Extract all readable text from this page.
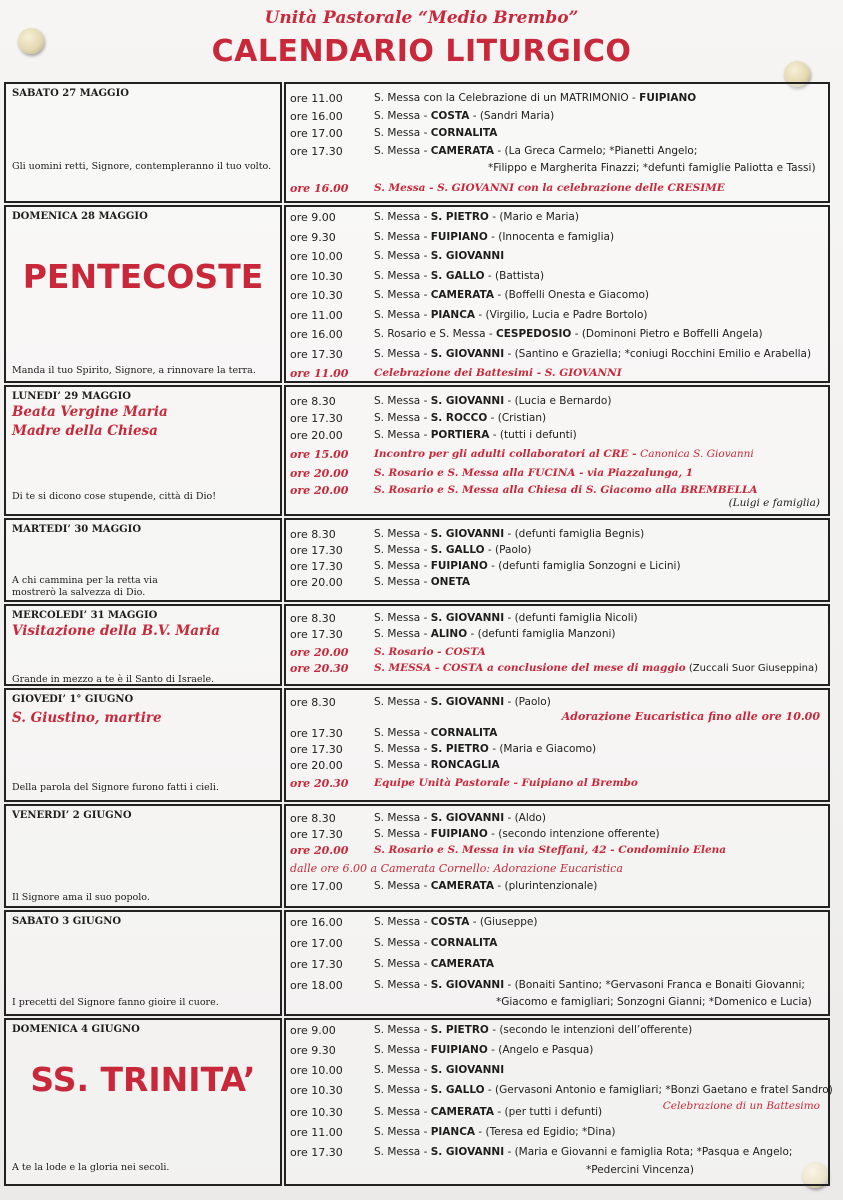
Unità Pastorale “Medio Brembo”
CALENDARIO LITURGICO
SABATO 27 MAGGIO
Gli uomini retti, Signore, contempleranno il tuo volto.
ore 11.00	S. Messa con la Celebrazione di un MATRIMONIO - FUIPIANO
ore 16.00	S. Messa - COSTA - (Sandri Maria)
ore 17.00	S. Messa - CORNALITA
ore 17.30	S. Messa - CAMERATA - (La Greca Carmelo; *Pianetti Angelo;
*Filippo e Margherita Finazzi; *defunti famiglie Paliotta e Tassi)
ore 16.00 S. Messa - S. GIOVANNI con la celebrazione delle CRESIME
DOMENICA 28 MAGGIO
PENTECOSTE
Manda il tuo Spirito, Signore, a rinnovare la terra.
ore 9.00	S. Messa - S. PIETRO - (Mario e Maria)
ore 9.30	S. Messa - FUIPIANO - (Innocenta e famiglia)
ore 10.00	S. Messa - S. GIOVANNI
ore 10.30	S. Messa - S. GALLO - (Battista)
ore 10.30	S. Messa - CAMERATA - (Boffelli Onesta e Giacomo)
ore 11.00	S. Messa - PIANCA - (Virgilio, Lucia e Padre Bortolo)
ore 16.00	S. Rosario e S. Messa - CESPEDOSIO - (Dominoni Pietro e Boffelli Angela)
ore 17.30	S. Messa - S. GIOVANNI - (Santino e Graziella; *coniugi Rocchini Emilio e Arabella)
ore 11.00 Celebrazione dei Battesimi - S. GIOVANNI
LUNEDI’ 29 MAGGIO
Beata Vergine Maria
Madre della Chiesa
Di te si dicono cose stupende, città di Dio!
ore 8.30	S. Messa - S. GIOVANNI - (Lucia e Bernardo)
ore 17.30	S. Messa - S. ROCCO - (Cristian)
ore 20.00	S. Messa - PORTIERA - (tutti i defunti)
ore 15.00 Incontro per gli adulti collaboratori al CRE - Canonica S. Giovanni
ore 20.00 S. Rosario e S. Messa alla FUCINA - via Piazzalunga, 1
ore 20.00 S. Rosario e S. Messa alla Chiesa di S. Giacomo alla BREMBELLA
(Luigi e famiglia)
MARTEDI’ 30 MAGGIO
A chi cammina per la retta via
mostrerò la salvezza di Dio.
ore 8.30	S. Messa - S. GIOVANNI - (defunti famiglia Begnis)
ore 17.30	S. Messa - S. GALLO - (Paolo)
ore 17.30	S. Messa - FUIPIANO - (defunti famiglia Sonzogni e Licini)
ore 20.00	S. Messa - ONETA
MERCOLEDI’ 31 MAGGIO
Visitazione della B.V. Maria
Grande in mezzo a te è il Santo di Israele.
ore 8.30	S. Messa - S. GIOVANNI - (defunti famiglia Nicoli)
ore 17.30	S. Messa - ALINO - (defunti famiglia Manzoni)
ore 20.00 S. Rosario - COSTA
ore 20.30 S. MESSA - COSTA a conclusione del mese di maggio (Zuccali Suor Giuseppina)
GIOVEDI’ 1° GIUGNO
S. Giustino, martire
Della parola del Signore furono fatti i cieli.
ore 8.30	S. Messa - S. GIOVANNI - (Paolo)
Adorazione Eucaristica fino alle ore 10.00
ore 17.30	S. Messa - CORNALITA
ore 17.30	S. Messa - S. PIETRO - (Maria e Giacomo)
ore 20.00	S. Messa - RONCAGLIA
ore 20.30 Equipe Unità Pastorale - Fuipiano al Brembo
VENERDI’ 2 GIUGNO
Il Signore ama il suo popolo.
ore 8.30	S. Messa - S. GIOVANNI - (Aldo)
ore 17.30	S. Messa - FUIPIANO - (secondo intenzione offerente)
ore 20.00 S. Rosario e S. Messa in via Steffani, 42 - Condominio Elena
dalle ore 6.00 a Camerata Cornello: Adorazione Eucaristica
ore 17.00	S. Messa - CAMERATA - (plurintenzionale)
SABATO 3 GIUGNO
I precetti del Signore fanno gioire il cuore.
ore 16.00	S. Messa - COSTA - (Giuseppe)
ore 17.00	S. Messa - CORNALITA
ore 17.30	S. Messa - CAMERATA
ore 18.00	S. Messa - S. GIOVANNI - (Bonaiti Santino; *Gervasoni Franca e Bonaiti Giovanni;
*Giacomo e famigliari; Sonzogni Gianni; *Domenico e Lucia)
DOMENICA 4 GIUGNO
SS. TRINITA’
A te la lode e la gloria nei secoli.
ore 9.00	S. Messa - S. PIETRO - (secondo le intenzioni dell’offerente)
ore 9.30	S. Messa - FUIPIANO - (Angelo e Pasqua)
ore 10.00	S. Messa - S. GIOVANNI
ore 10.30	S. Messa - S. GALLO - (Gervasoni Antonio e famigliari; *Bonzi Gaetano e fratel Sandro)
Celebrazione di un Battesimo
ore 10.30	S. Messa - CAMERATA - (per tutti i defunti)
ore 11.00	S. Messa - PIANCA - (Teresa ed Egidio; *Dina)
ore 17.30	S. Messa - S. GIOVANNI - (Maria e Giovanni e famiglia Rota; *Pasqua e Angelo;
*Pedercini Vincenza)
